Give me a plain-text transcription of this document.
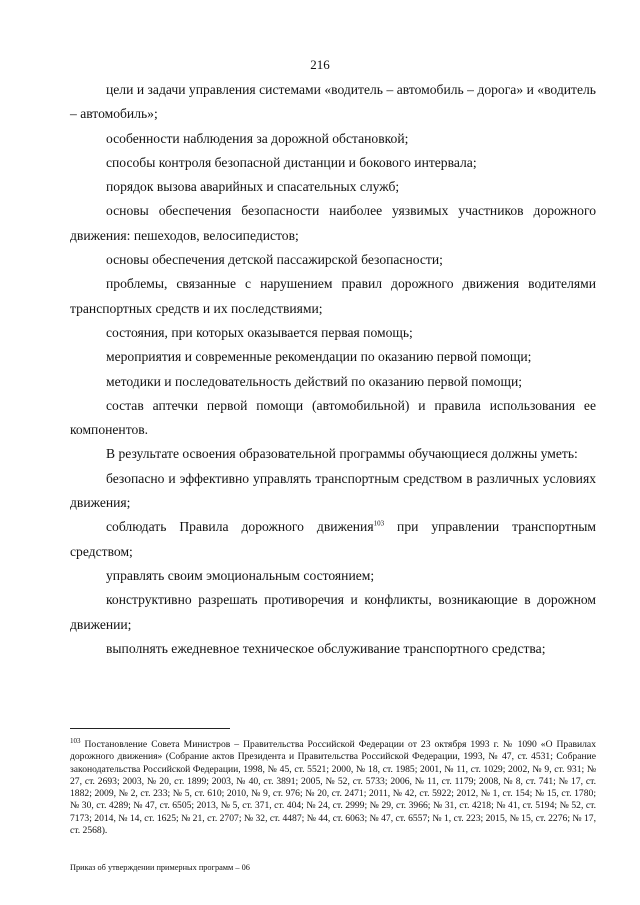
216

цели и задачи управления системами «водитель – автомобиль – дорога» и «водитель – автомобиль»;

особенности наблюдения за дорожной обстановкой;

способы контроля безопасной дистанции и бокового интервала;

порядок вызова аварийных и спасательных служб;

основы обеспечения безопасности наиболее уязвимых участников дорожного движения: пешеходов, велосипедистов;

основы обеспечения детской пассажирской безопасности;

проблемы, связанные с нарушением правил дорожного движения водителями транспортных средств и их последствиями;

состояния, при которых оказывается первая помощь;

мероприятия и современные рекомендации по оказанию первой помощи;

методики и последовательность действий по оказанию первой помощи;

состав аптечки первой помощи (автомобильной) и правила использования ее компонентов.

В результате освоения образовательной программы обучающиеся должны уметь:

безопасно и эффективно управлять транспортным средством в различных условиях движения;

соблюдать Правила дорожного движения$^{103}$ при управлении транспортным средством;

управлять своим эмоциональным состоянием;

конструктивно разрешать противоречия и конфликты, возникающие в дорожном движении;

выполнять ежедневное техническое обслуживание транспортного средства;

$^{103}$ Постановление Совета Министров – Правительства Российской Федерации от 23 октября 1993 г. № 1090 «О Правилах дорожного движения» (Собрание актов Президента и Правительства Российской Федерации, 1993, № 47, ст. 4531; Собрание законодательства Российской Федерации, 1998, № 45, ст. 5521; 2000, № 18, ст. 1985; 2001, № 11, ст. 1029; 2002, № 9, ст. 931; № 27, ст. 2693; 2003, № 20, ст. 1899; 2003, № 40, ст. 3891; 2005, № 52, ст. 5733; 2006, № 11, ст. 1179; 2008, № 8, ст. 741; № 17, ст. 1882; 2009, № 2, ст. 233; № 5, ст. 610; 2010, № 9, ст. 976; № 20, ст. 2471; 2011, № 42, ст. 5922; 2012, № 1, ст. 154; № 15, ст. 1780; № 30, ст. 4289; № 47, ст. 6505; 2013, № 5, ст. 371, ст. 404; № 24, ст. 2999; № 29, ст. 3966; № 31, ст. 4218; № 41, ст. 5194; № 52, ст. 7173; 2014, № 14, ст. 1625; № 21, ст. 2707; № 32, ст. 4487; № 44, ст. 6063; № 47, ст. 6557; № 1, ст. 223; 2015, № 15, ст. 2276; № 17, ст. 2568).
Приказ об утверждении примерных программ – 06
